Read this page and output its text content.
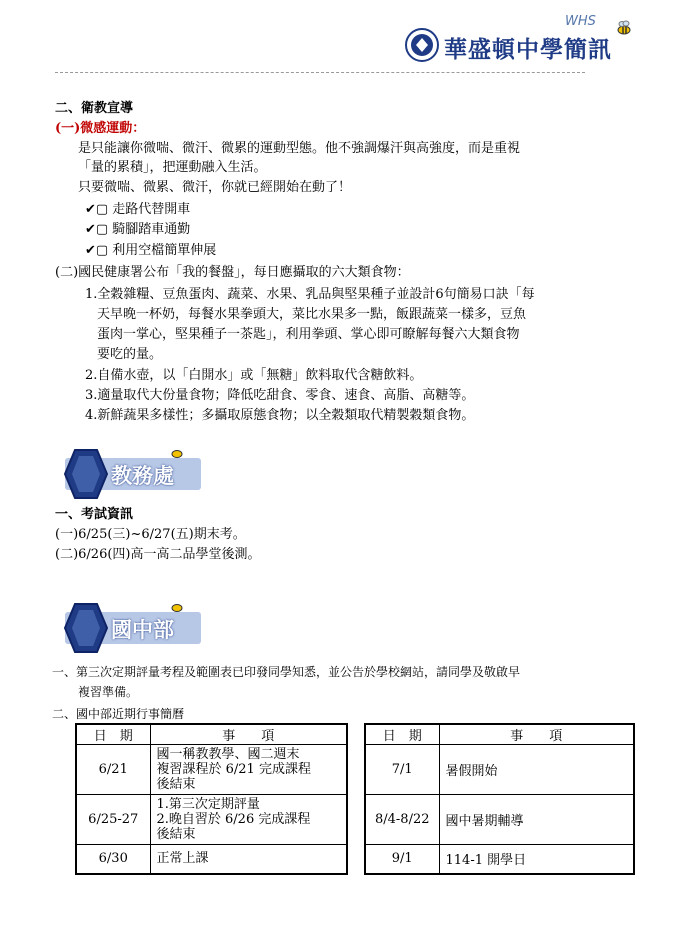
華盛頓中學簡訊
WHS
二、衛教宣導
(一)微感運動：
是只能讓你微喘、微汗、微累的運動型態。他不強調爆汗與高強度，而是重視
「量的累積」，把運動融入生活。
只要微喘、微累、微汗，你就已經開始在動了！
✔▢ 走路代替開車
✔▢ 騎腳踏車通勤
✔▢ 利用空檔簡單伸展
(二)國民健康署公布「我的餐盤」，每日應攝取的六大類食物：
1.全穀雜糧、豆魚蛋肉、蔬菜、水果、乳品與堅果種子並設計6句簡易口訣「每
天早晚一杯奶，每餐水果拳頭大，菜比水果多一點，飯跟蔬菜一樣多，豆魚
蛋肉一掌心，堅果種子一茶匙」，利用拳頭、掌心即可瞭解每餐六大類食物
要吃的量。
2.自備水壺，以「白開水」或「無糖」飲料取代含糖飲料。
3.適量取代大份量食物；降低吃甜食、零食、速食、高脂、高糖等。
4.新鮮蔬果多樣性；多攝取原態食物；以全穀類取代精製穀類食物。
教務處
一、考試資訊
(一)6/25(三)~6/27(五)期末考。
(二)6/26(四)高一高二品學堂後測。
國中部
一、第三次定期評量考程及範圍表已印發同學知悉，並公告於學校網站，請同學及敬啟早
複習準備。
二、國中部近期行事簡曆
日　期	事　　項
6/21	國一稱教教學、國二週末
複習課程於 6/21 完成課程
後結束

6/25-27	1.第三次定期評量
2.晚自習於 6/26 完成課程
後結束

6/30	正常上課
日　期	事　　項
7/1	暑假開始
8/4-8/22	國中暑期輔導
9/1	114-1 開學日
